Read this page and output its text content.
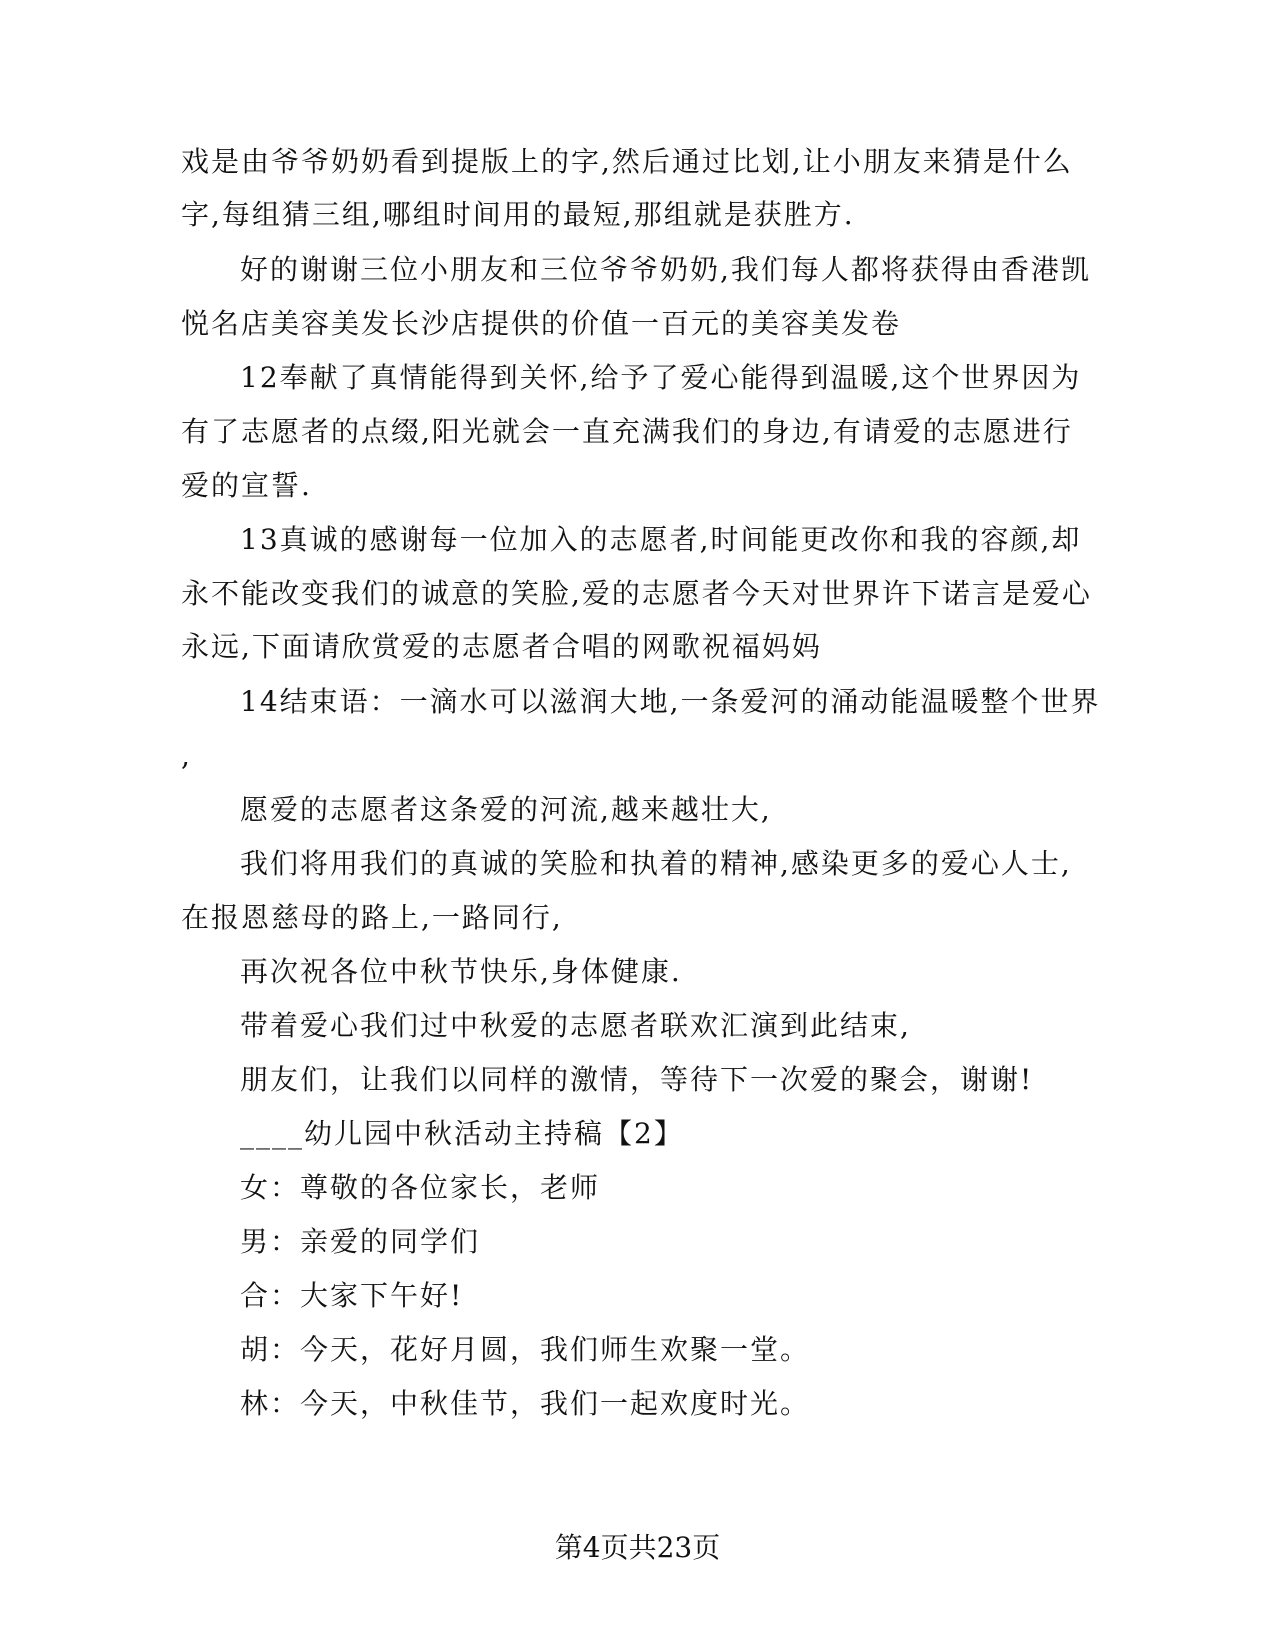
戏是由爷爷奶奶看到提版上的字,然后通过比划,让小朋友来猜是什么
字,每组猜三组,哪组时间用的最短,那组就是获胜方.
好的谢谢三位小朋友和三位爷爷奶奶,我们每人都将获得由香港凯
悦名店美容美发长沙店提供的价值一百元的美容美发卷
12奉献了真情能得到关怀,给予了爱心能得到温暖,这个世界因为
有了志愿者的点缀,阳光就会一直充满我们的身边,有请爱的志愿进行
爱的宣誓.
13真诚的感谢每一位加入的志愿者,时间能更改你和我的容颜,却
永不能改变我们的诚意的笑脸,爱的志愿者今天对世界许下诺言是爱心
永远,下面请欣赏爱的志愿者合唱的网歌祝福妈妈
14结束语：一滴水可以滋润大地,一条爱河的涌动能温暖整个世界
,
愿爱的志愿者这条爱的河流,越来越壮大,
我们将用我们的真诚的笑脸和执着的精神,感染更多的爱心人士,
在报恩慈母的路上,一路同行,
再次祝各位中秋节快乐,身体健康.
带着爱心我们过中秋爱的志愿者联欢汇演到此结束,
朋友们，让我们以同样的激情，等待下一次爱的聚会，谢谢!
____幼儿园中秋活动主持稿【2】
女：尊敬的各位家长，老师
男：亲爱的同学们
合：大家下午好!
胡：今天，花好月圆，我们师生欢聚一堂。
林：今天，中秋佳节，我们一起欢度时光。
第4页共23页
